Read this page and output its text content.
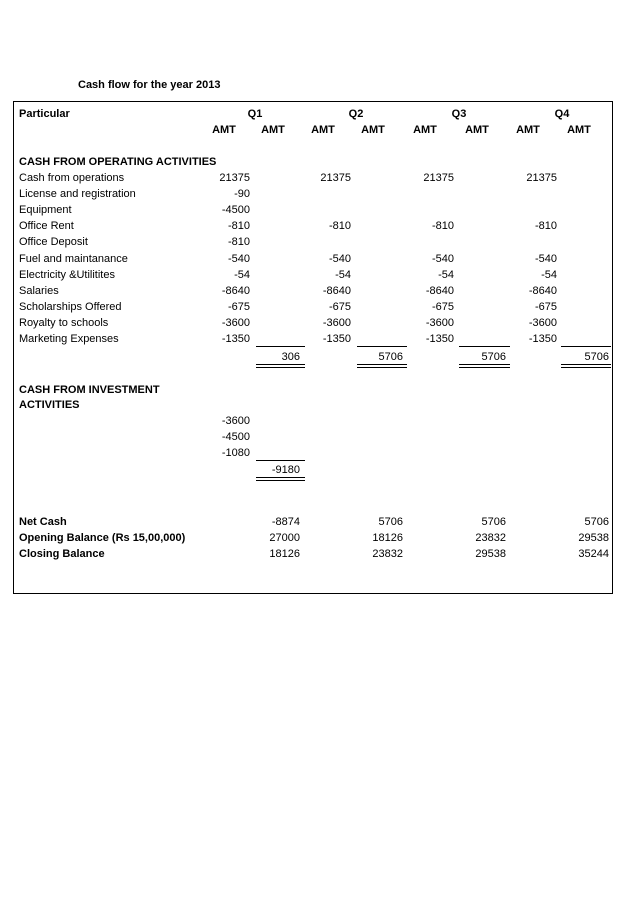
Cash flow for the year 2013
Particular	Q1	Q2	Q3	Q4
AMT	AMT	AMT	AMT	AMT	AMT	AMT	AMT
CASH FROM OPERATING ACTIVITIES
Cash from operations	21375	21375	21375	21375
License and registration	-90
Equipment	-4500
Office Rent	-810	-810	-810	-810
Office Deposit	-810
Fuel and maintanance	-540	-540	-540	-540
Electricity &Utilitites	-54	-54	-54	-54
Salaries	-8640	-8640	-8640	-8640
Scholarships Offered	-675	-675	-675	-675
Royalty to schools	-3600	-3600	-3600	-3600
Marketing Expenses	-1350	-1350	-1350	-1350
306	5706	5706	5706
CASH FROM INVESTMENT
ACTIVITIES
-3600
-4500
-1080
-9180
Net Cash	-8874	5706	5706	5706
Opening Balance (Rs 15,00,000)	27000	18126	23832	29538
Closing Balance	18126	23832	29538	35244
